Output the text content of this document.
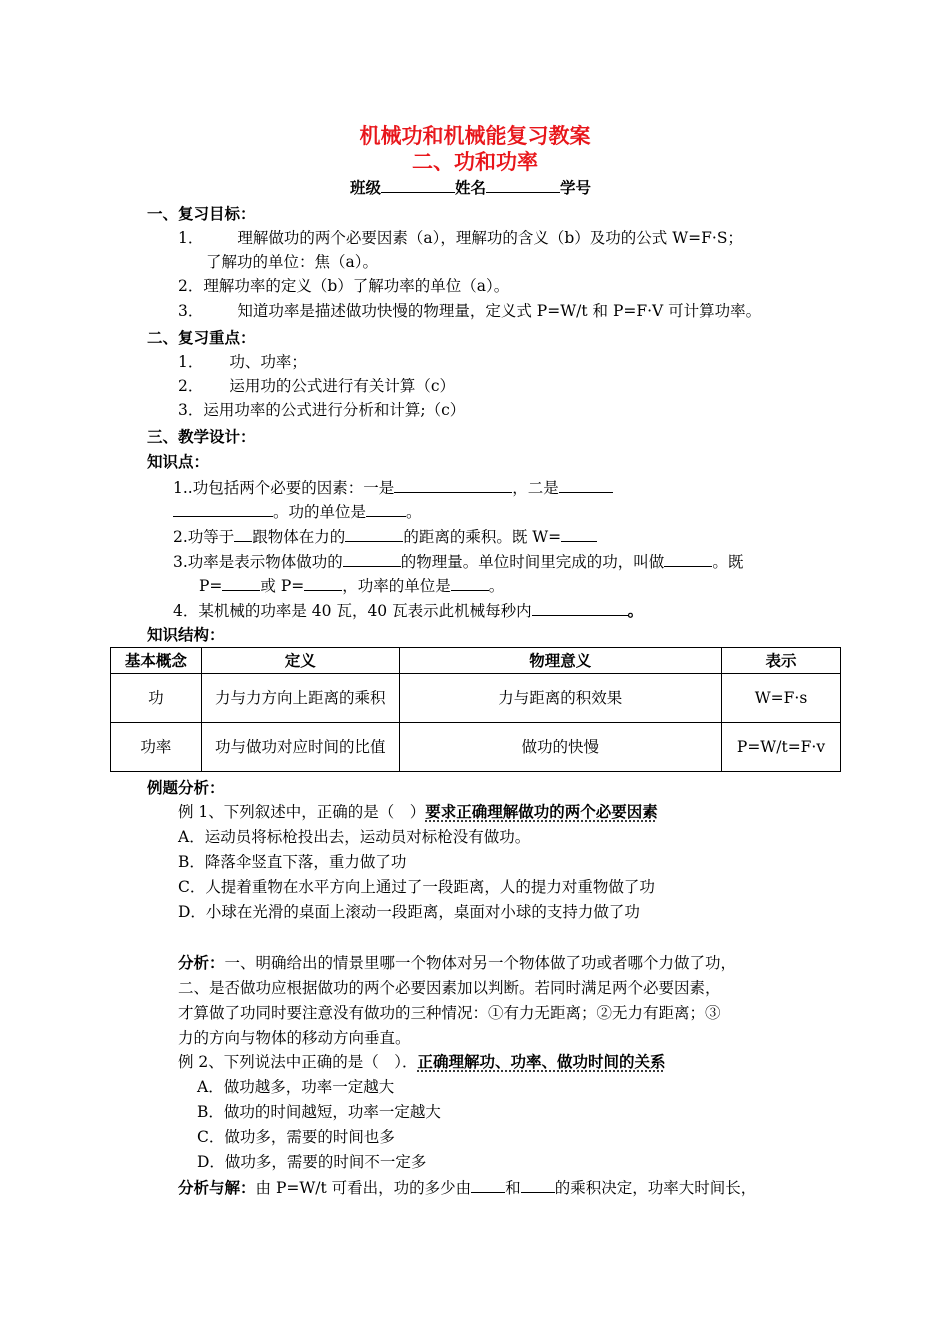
机械功和机械能复习教案
二、功和功率
班级	姓名	学号
一、复习目标：
1． 理解做功的两个必要因素（a），理解功的含义（b）及功的公式 W=F·S；
了解功的单位：焦（a）。
2．理解功率的定义（b）了解功率的单位（a）。
3． 知道功率是描述做功快慢的物理量，定义式 P=W/t 和 P=F·V 可计算功率。
二、复习重点：
1． 功、功率；
2． 运用功的公式进行有关计算（c）
3．运用功率的公式进行分析和计算;（c）
三、教学设计：
知识点：
1..功包括两个必要的因素：一是	，二是
。功的单位是	。
2.功等于 跟物体在力的	的距离的乘积。既 W=
3.功率是表示物体做功的	的物理量。单位时间里完成的功，叫做	。既
P= 或 P= ，功率的单位是 。
4．某机械的功率是 40 瓦，40 瓦表示此机械每秒内	。
知识结构：
基本概念	定义	物理意义	表示
功	力与力方向上距离的乘积	力与距离的积效果	W=F·s
功率	功与做功对应时间的比值	做功的快慢	P=W/t=F·v
例题分析：
例 1、下列叙述中，正确的是（　）要求正确理解做功的两个必要因素
A．运动员将标枪投出去，运动员对标枪没有做功。
B．降落伞竖直下落，重力做了功
C．人提着重物在水平方向上通过了一段距离，人的提力对重物做了功
D．小球在光滑的桌面上滚动一段距离，桌面对小球的支持力做了功
分析：一、明确给出的情景里哪一个物体对另一个物体做了功或者哪个力做了功，
二、是否做功应根据做功的两个必要因素加以判断。若同时满足两个必要因素，
才算做了功同时要注意没有做功的三种情况：①有力无距离；②无力有距离；③
力的方向与物体的移动方向垂直。
例 2、下列说法中正确的是（　）．正确理解功、功率、做功时间的关系
A．做功越多，功率一定越大
B．做功的时间越短，功率一定越大
C．做功多，需要的时间也多
D．做功多，需要的时间不一定多
分析与解：由 P=W/t 可看出，功的多少由 和 的乘积决定，功率大时间长，
